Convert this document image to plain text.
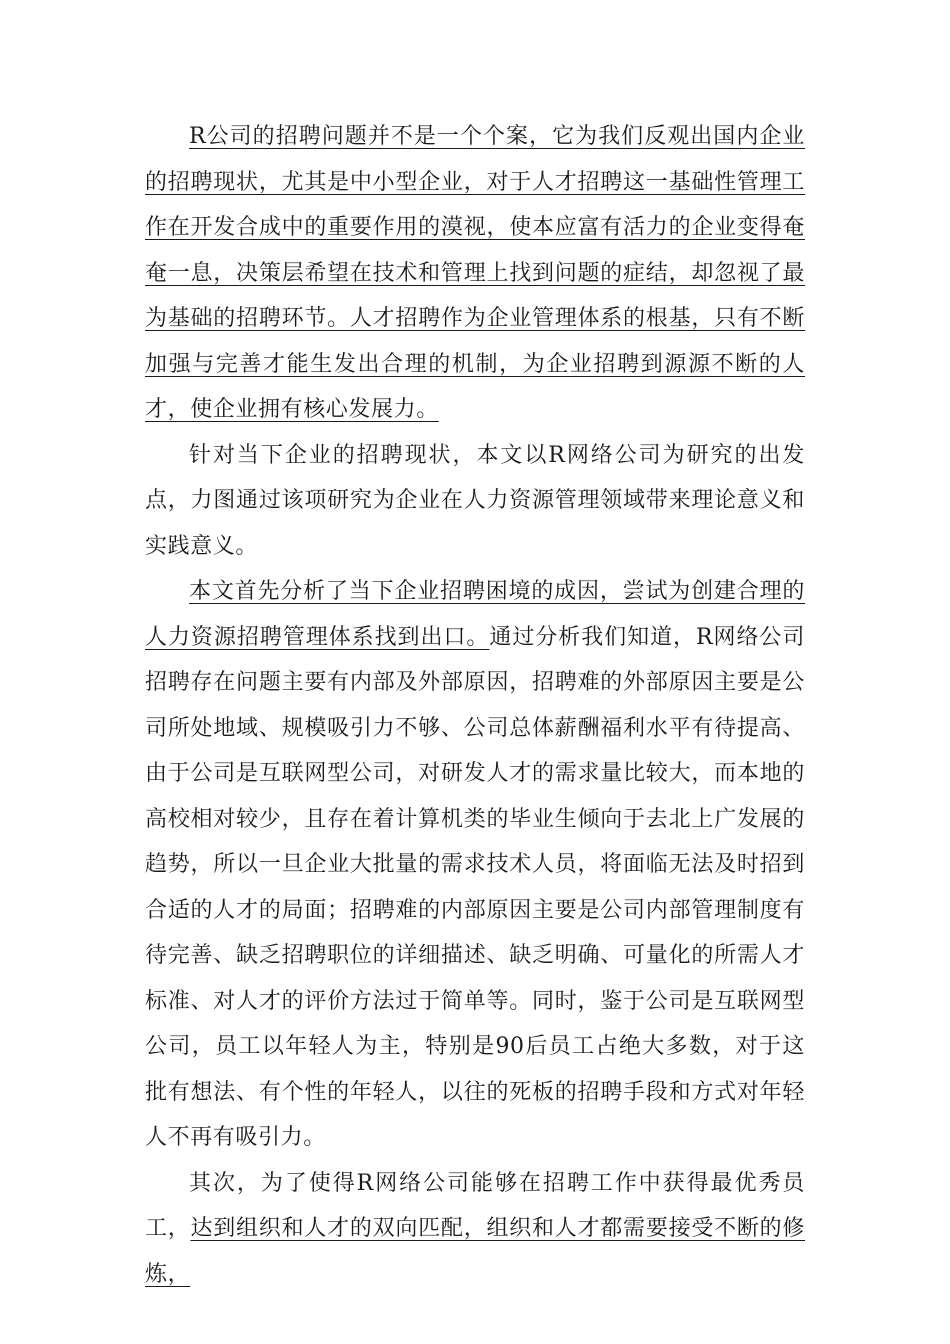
R公司的招聘问题并不是一个个案，它为我们反观出国内企业的招聘现状，尤其是中小型企业，对于人才招聘这一基础性管理工作在开发合成中的重要作用的漠视，使本应富有活力的企业变得奄奄一息，决策层希望在技术和管理上找到问题的症结，却忽视了最为基础的招聘环节。人才招聘作为企业管理体系的根基，只有不断加强与完善才能生发出合理的机制，为企业招聘到源源不断的人才，使企业拥有核心发展力。

针对当下企业的招聘现状，本文以R网络公司为研究的出发点，力图通过该项研究为企业在人力资源管理领域带来理论意义和实践意义。

本文首先分析了当下企业招聘困境的成因，尝试为创建合理的人力资源招聘管理体系找到出口。通过分析我们知道，R网络公司招聘存在问题主要有内部及外部原因，招聘难的外部原因主要是公司所处地域、规模吸引力不够、公司总体薪酬福利水平有待提高、由于公司是互联网型公司，对研发人才的需求量比较大，而本地的高校相对较少，且存在着计算机类的毕业生倾向于去北上广发展的趋势，所以一旦企业大批量的需求技术人员，将面临无法及时招到合适的人才的局面；招聘难的内部原因主要是公司内部管理制度有待完善、缺乏招聘职位的详细描述、缺乏明确、可量化的所需人才标准、对人才的评价方法过于简单等。同时，鉴于公司是互联网型公司，员工以年轻人为主，特别是90后员工占绝大多数，对于这批有想法、有个性的年轻人，以往的死板的招聘手段和方式对年轻人不再有吸引力。

其次，为了使得R网络公司能够在招聘工作中获得最优秀员工，达到组织和人才的双向匹配，组织和人才都需要接受不断的修炼，
